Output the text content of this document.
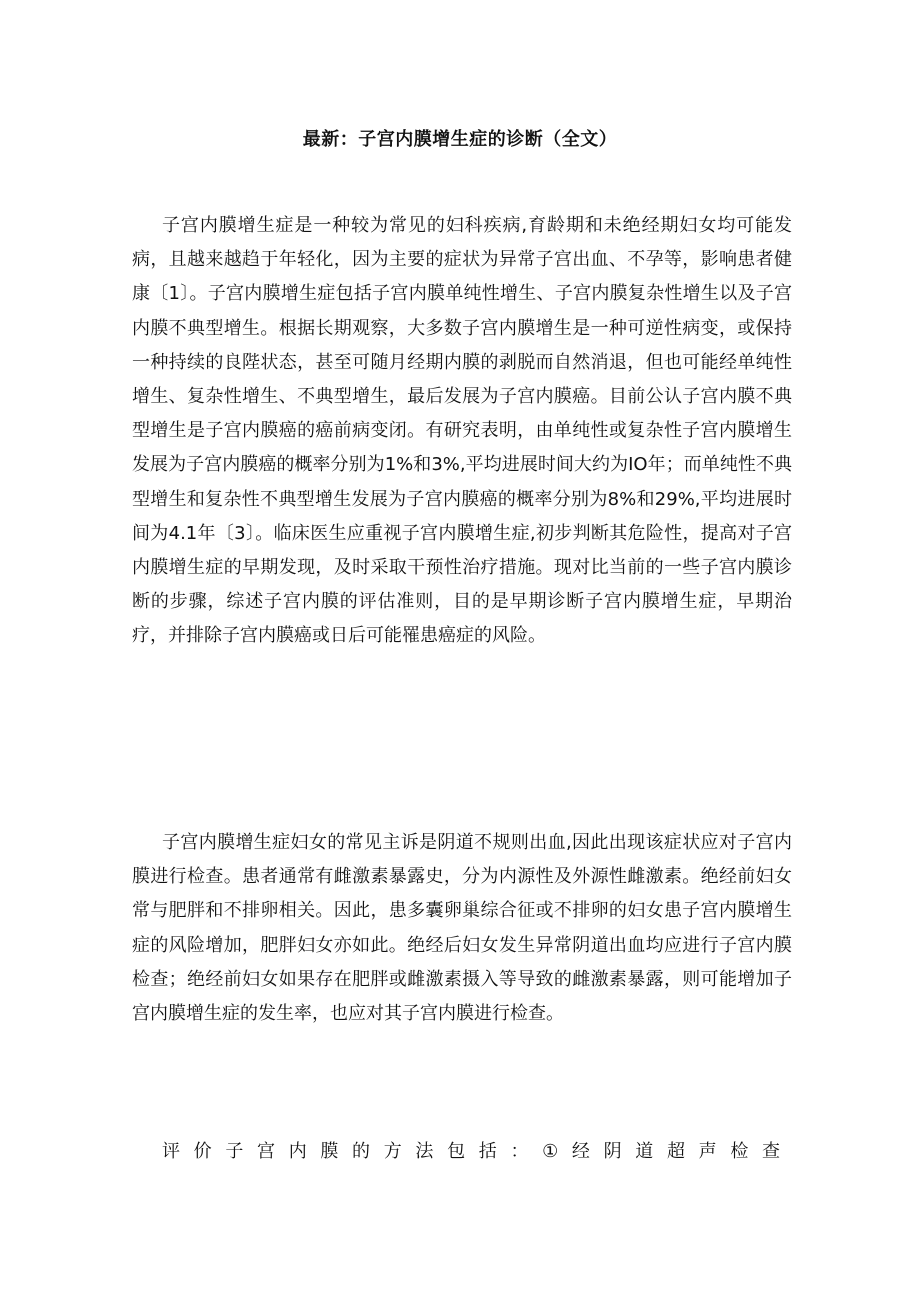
最新：子宫内膜增生症的诊断（全文）

子宫内膜增生症是一种较为常见的妇科疾病,育龄期和未绝经期妇女均可能发病，且越来越趋于年轻化，因为主要的症状为异常子宫出血、不孕等，影响患者健康〔1〕。子宫内膜增生症包括子宫内膜单纯性增生、子宫内膜复杂性增生以及子宫内膜不典型增生。根据长期观察，大多数子宫内膜增生是一种可逆性病变，或保持一种持续的良陛状态，甚至可随月经期内膜的剥脱而自然消退，但也可能经单纯性增生、复杂性增生、不典型增生，最后发展为子宫内膜癌。目前公认子宫内膜不典型增生是子宫内膜癌的癌前病变闭。有研究表明，由单纯性或复杂性子宫内膜增生发展为子宫内膜癌的概率分别为1%和3%,平均进展时间大约为IO年；而单纯性不典型增生和复杂性不典型增生发展为子宫内膜癌的概率分别为8%和29%,平均进展时间为4.1年〔3〕。临床医生应重视子宫内膜增生症,初步判断其危险性，提高对子宫内膜增生症的早期发现，及时采取干预性治疗措施。现对比当前的一些子宫内膜诊断的步骤，综述子宫内膜的评估准则，目的是早期诊断子宫内膜增生症，早期治疗，并排除子宫内膜癌或日后可能罹患癌症的风险。

子宫内膜增生症妇女的常见主诉是阴道不规则出血,因此出现该症状应对子宫内膜进行检查。患者通常有雌激素暴露史，分为内源性及外源性雌激素。绝经前妇女常与肥胖和不排卵相关。因此，患多囊卵巢综合征或不排卵的妇女患子宫内膜增生症的风险增加，肥胖妇女亦如此。绝经后妇女发生异常阴道出血均应进行子宫内膜检查；绝经前妇女如果存在肥胖或雌激素摄入等导致的雌激素暴露，则可能增加子宫内膜增生症的发生率，也应对其子宫内膜进行检查。

评价子宫内膜的方法包括：①经阴道超声检查
